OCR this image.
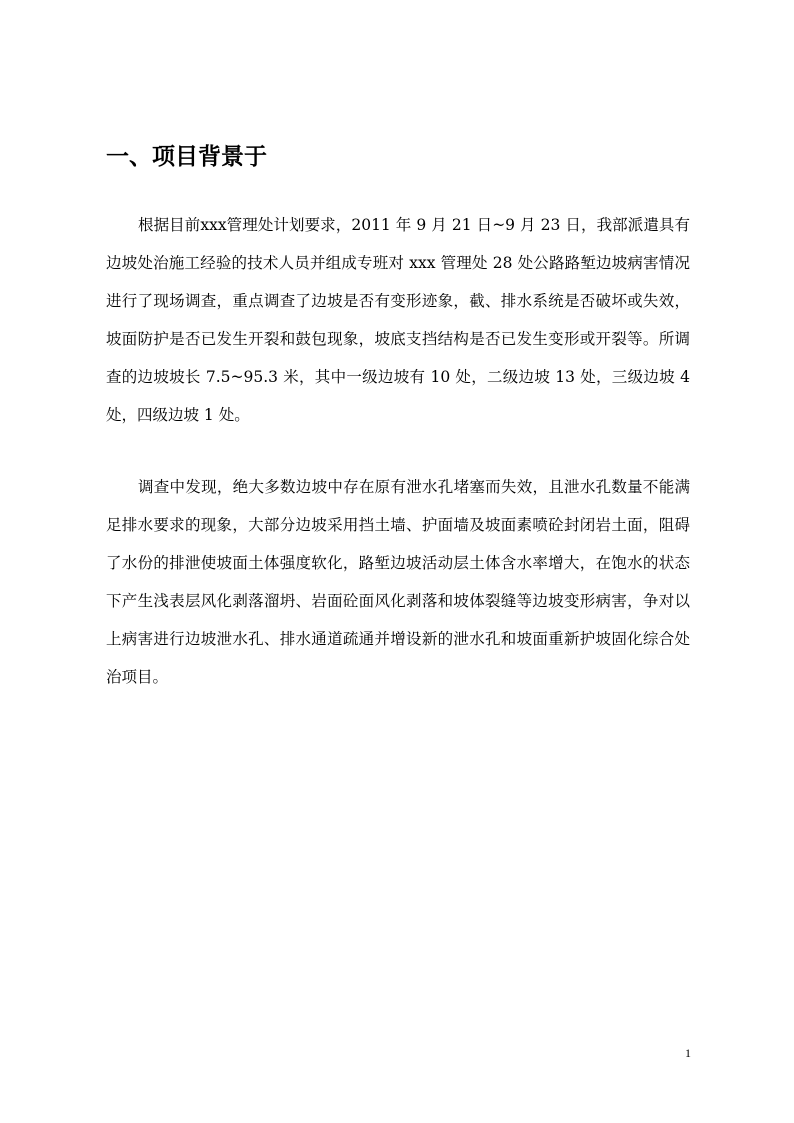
一、项目背景于

根据目前xxx管理处计划要求，2011 年 9 月 21 日~9 月 23 日，我部派遣具有边坡处治施工经验的技术人员并组成专班对 xxx 管理处 28 处公路路堑边坡病害情况进行了现场调查，重点调查了边坡是否有变形迹象，截、排水系统是否破坏或失效，坡面防护是否已发生开裂和鼓包现象，坡底支挡结构是否已发生变形或开裂等。所调查的边坡坡长 7.5~95.3 米，其中一级边坡有 10 处，二级边坡 13 处，三级边坡 4 处，四级边坡 1 处。

调查中发现，绝大多数边坡中存在原有泄水孔堵塞而失效，且泄水孔数量不能满足排水要求的现象，大部分边坡采用挡土墙、护面墙及坡面素喷砼封闭岩土面，阻碍了水份的排泄使坡面土体强度软化，路堑边坡活动层土体含水率增大，在饱水的状态下产生浅表层风化剥落溜坍、岩面砼面风化剥落和坡体裂缝等边坡变形病害，争对以上病害进行边坡泄水孔、排水通道疏通并增设新的泄水孔和坡面重新护坡固化综合处治项目。

1
